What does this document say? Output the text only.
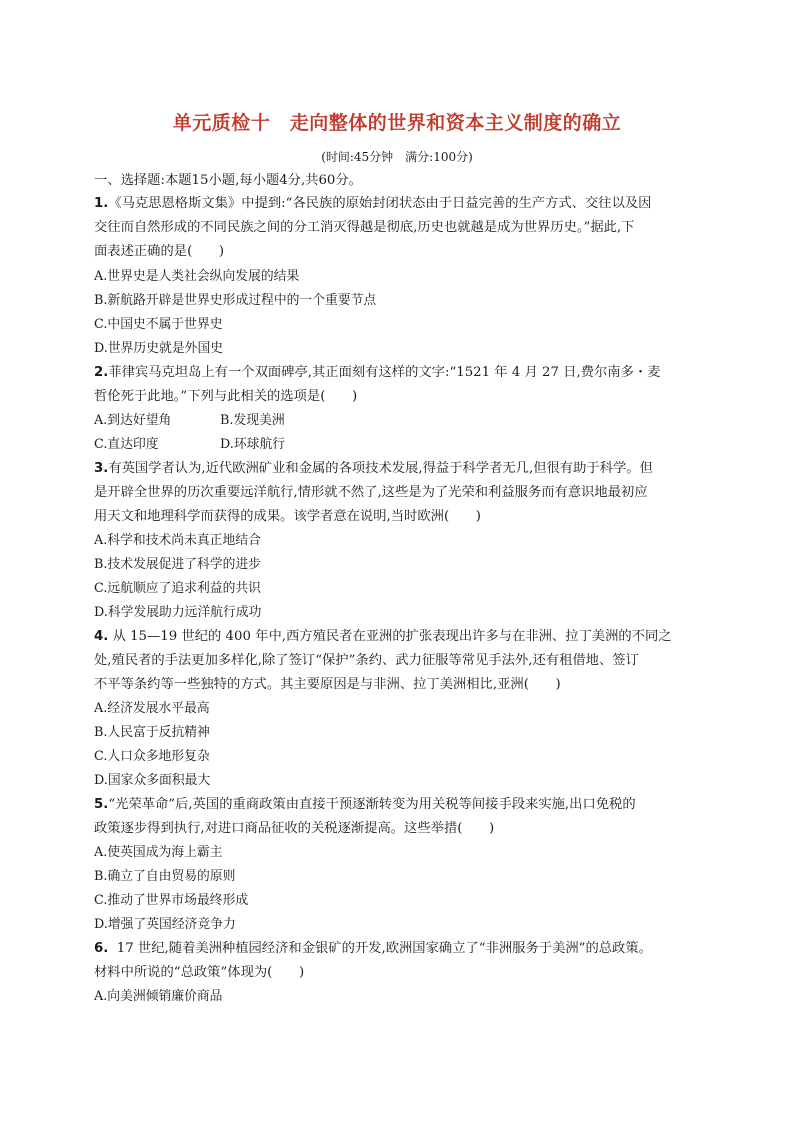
单元质检十　走向整体的世界和资本主义制度的确立
(时间:45分钟　满分:100分)
一、选择题:本题15小题,每小题4分,共60分。
1.《马克思恩格斯文集》中提到:“各民族的原始封闭状态由于日益完善的生产方式、交往以及因
交往而自然形成的不同民族之间的分工消灭得越是彻底,历史也就越是成为世界历史。”据此,下
面表述正确的是(　　)
A.世界史是人类社会纵向发展的结果
B.新航路开辟是世界史形成过程中的一个重要节点
C.中国史不属于世界史
D.世界历史就是外国史
2.菲律宾马克坦岛上有一个双面碑亭,其正面刻有这样的文字:“1521 年 4 月 27 日,费尔南多・麦
哲伦死于此地。”下列与此相关的选项是(　　)
A.到达好望角	B.发现美洲
C.直达印度	D.环球航行
3.有英国学者认为,近代欧洲矿业和金属的各项技术发展,得益于科学者无几,但很有助于科学。但
是开辟全世界的历次重要远洋航行,情形就不然了,这些是为了光荣和利益服务而有意识地最初应
用天文和地理科学而获得的成果。该学者意在说明,当时欧洲(　　)
A.科学和技术尚未真正地结合
B.技术发展促进了科学的进步
C.远航顺应了追求利益的共识
D.科学发展助力远洋航行成功
4. 从 15—19 世纪的 400 年中,西方殖民者在亚洲的扩张表现出许多与在非洲、拉丁美洲的不同之
处,殖民者的手法更加多样化,除了签订“保护”条约、武力征服等常见手法外,还有租借地、签订
不平等条约等一些独特的方式。其主要原因是与非洲、拉丁美洲相比,亚洲(　　)
A.经济发展水平最高
B.人民富于反抗精神
C.人口众多地形复杂
D.国家众多面积最大
5.“光荣革命”后,英国的重商政策由直接干预逐渐转变为用关税等间接手段来实施,出口免税的
政策逐步得到执行,对进口商品征收的关税逐渐提高。这些举措(　　)
A.使英国成为海上霸主
B.确立了自由贸易的原则
C.推动了世界市场最终形成
D.增强了英国经济竞争力
6.  17 世纪,随着美洲种植园经济和金银矿的开发,欧洲国家确立了“非洲服务于美洲”的总政策。
材料中所说的“总政策”体现为(　　)
A.向美洲倾销廉价商品
